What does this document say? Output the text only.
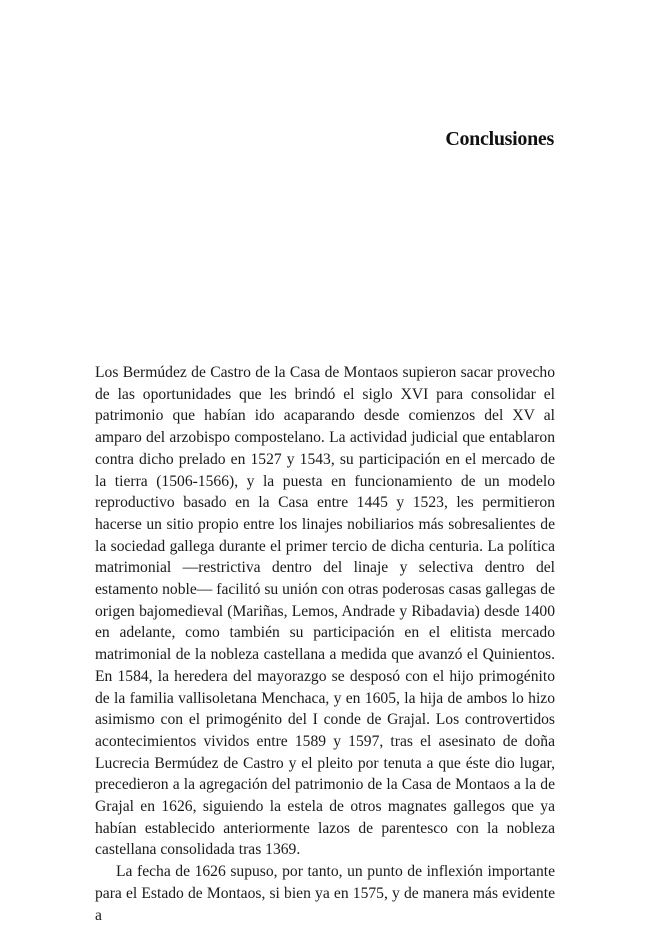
Conclusiones

Los Bermúdez de Castro de la Casa de Montaos supieron sacar provecho de las oportunidades que les brindó el siglo XVI para consolidar el patrimonio que habían ido acaparando desde comienzos del XV al amparo del arzobispo compostelano. La actividad judicial que entablaron contra dicho prelado en 1527 y 1543, su participación en el mercado de la tierra (1506-1566), y la puesta en funcionamiento de un modelo reproductivo basado en la Casa entre 1445 y 1523, les permitieron hacerse un sitio propio entre los linajes nobiliarios más sobresalientes de la sociedad gallega durante el primer tercio de dicha centuria. La política matrimonial —restrictiva dentro del linaje y selectiva dentro del estamento noble— facilitó su unión con otras poderosas casas gallegas de origen bajomedieval (Mariñas, Lemos, Andrade y Ribadavia) desde 1400 en adelante, como también su participación en el elitista mercado matrimonial de la nobleza castellana a medida que avanzó el Quinientos. En 1584, la heredera del mayorazgo se desposó con el hijo primogénito de la familia vallisoletana Menchaca, y en 1605, la hija de ambos lo hizo asimismo con el primogénito del I conde de Grajal. Los controvertidos acontecimientos vividos entre 1589 y 1597, tras el asesinato de doña Lucrecia Bermúdez de Castro y el pleito por tenuta a que éste dio lugar, precedieron a la agregación del patrimonio de la Casa de Montaos a la de Grajal en 1626, siguiendo la estela de otros magnates gallegos que ya habían establecido anteriormente lazos de parentesco con la nobleza castellana consolidada tras 1369.

La fecha de 1626 supuso, por tanto, un punto de inflexión importante para el Estado de Montaos, si bien ya en 1575, y de manera más evidente a
